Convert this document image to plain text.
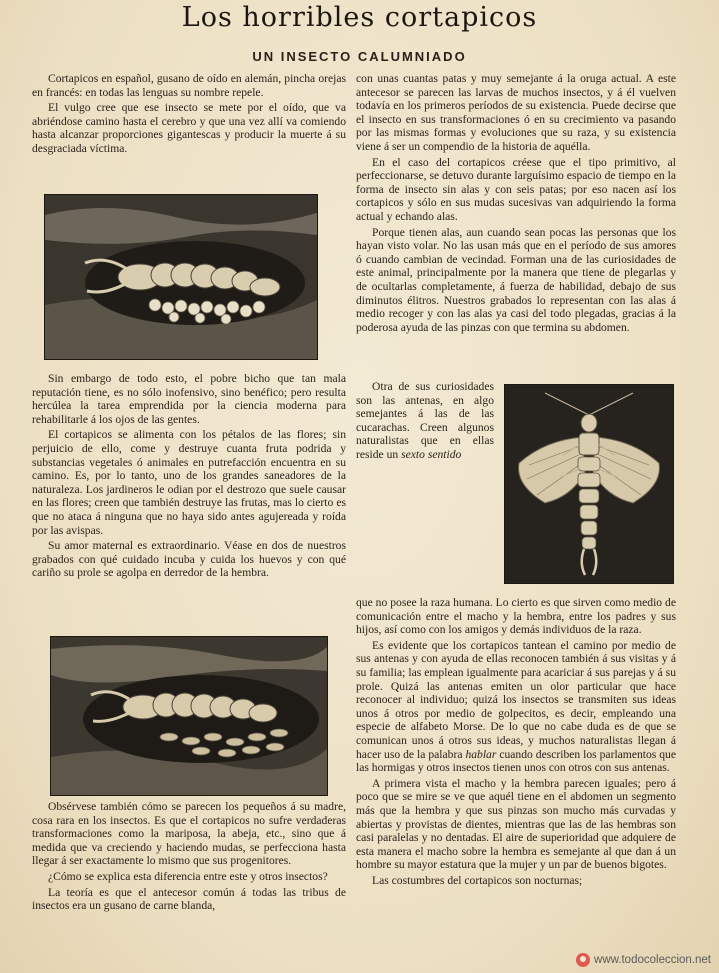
Los horribles cortapicos
UN INSECTO CALUMNIADO

Cortapicos en español, gusano de oído en alemán, pincha orejas en francés: en todas las lenguas su nombre repele.

El vulgo cree que ese insecto se mete por el oído, que va abriéndose camino hasta el cerebro y que una vez allí va comiendo hasta alcanzar proporciones gigantescas y producir la muerte á su desgraciada víctima.

Sin embargo de todo esto, el pobre bicho que tan mala reputación tiene, es no sólo inofensivo, sino benéfico; pero resulta hercúlea la tarea emprendida por la ciencia moderna para rehabilitarle á los ojos de las gentes.

El cortapicos se alimenta con los pétalos de las flores; sin perjuicio de ello, come y destruye cuanta fruta podrida y substancias vegetales ó animales en putrefacción encuentra en su camino. Es, por lo tanto, uno de los grandes saneadores de la naturaleza. Los jardineros le odian por el destrozo que suele causar en las flores; creen que también destruye las frutas, mas lo cierto es que no ataca á ninguna que no haya sido antes agujereada y roída por las avispas.

Su amor maternal es extraordinario. Véase en dos de nuestros grabados con qué cuidado incuba y cuida los huevos y con qué cariño su prole se agolpa en derredor de la hembra.

Obsérvese también cómo se parecen los pequeños á su madre, cosa rara en los insectos. Es que el cortapicos no sufre verdaderas transformaciones como la mariposa, la abeja, etc., sino que á medida que va creciendo y haciendo mudas, se perfecciona hasta llegar á ser exactamente lo mismo que sus progenitores.

¿Cómo se explica esta diferencia entre este y otros insectos?

La teoría es que el antecesor común á todas las tribus de insectos era un gusano de carne blanda,

con unas cuantas patas y muy semejante á la oruga actual. A este antecesor se parecen las larvas de muchos insectos, y á él vuelven todavía en los primeros períodos de su existencia. Puede decirse que el insecto en sus transformaciones ó en su crecimiento va pasando por las mismas formas y evoluciones que su raza, y su existencia viene á ser un compendio de la historia de aquélla.

En el caso del cortapicos créese que el tipo primitivo, al perfeccionarse, se detuvo durante larguísimo espacio de tiempo en la forma de insecto sin alas y con seis patas; por eso nacen así los cortapicos y sólo en sus mudas sucesivas van adquiriendo la forma actual y echando alas.

Porque tienen alas, aun cuando sean pocas las personas que los hayan visto volar. No las usan más que en el período de sus amores ó cuando cambian de vecindad. Forman una de las curiosidades de este animal, principalmente por la manera que tiene de plegarlas y de ocultarlas completamente, á fuerza de habilidad, debajo de sus diminutos élitros. Nuestros grabados lo representan con las alas á medio recoger y con las alas ya casi del todo plegadas, gracias á la poderosa ayuda de las pinzas con que termina su abdomen.

Otra de sus curiosidades son las antenas, en algo semejantes á las de las cucarachas. Creen algunos naturalistas que en ellas reside un sexto sentido

que no posee la raza humana. Lo cierto es que sirven como medio de comunicación entre el macho y la hembra, entre los padres y sus hijos, así como con los amigos y demás individuos de la raza.

Es evidente que los cortapicos tantean el camino por medio de sus antenas y con ayuda de ellas reconocen también á sus visitas y á su familia; las emplean igualmente para acariciar á sus parejas y á su prole. Quizá las antenas emiten un olor particular que hace reconocer al individuo; quizá los insectos se transmiten sus ideas unos á otros por medio de golpecitos, es decir, empleando una especie de alfabeto Morse. De lo que no cabe duda es de que se comunican unos á otros sus ideas, y muchos naturalistas llegan á hacer uso de la palabra hablar cuando describen los parlamentos que las hormigas y otros insectos tienen unos con otros con sus antenas.

A primera vista el macho y la hembra parecen iguales; pero á poco que se mire se ve que aquél tiene en el abdomen un segmento más que la hembra y que sus pinzas son mucho más curvadas y abiertas y provistas de dientes, mientras que las de las hembras son casi paralelas y no dentadas. El aire de superioridad que adquiere de esta manera el macho sobre la hembra es semejante al que dan á un hombre su mayor estatura que la mujer y un par de buenos bigotes.

Las costumbres del cortapicos son nocturnas;

www.todocoleccion.net
